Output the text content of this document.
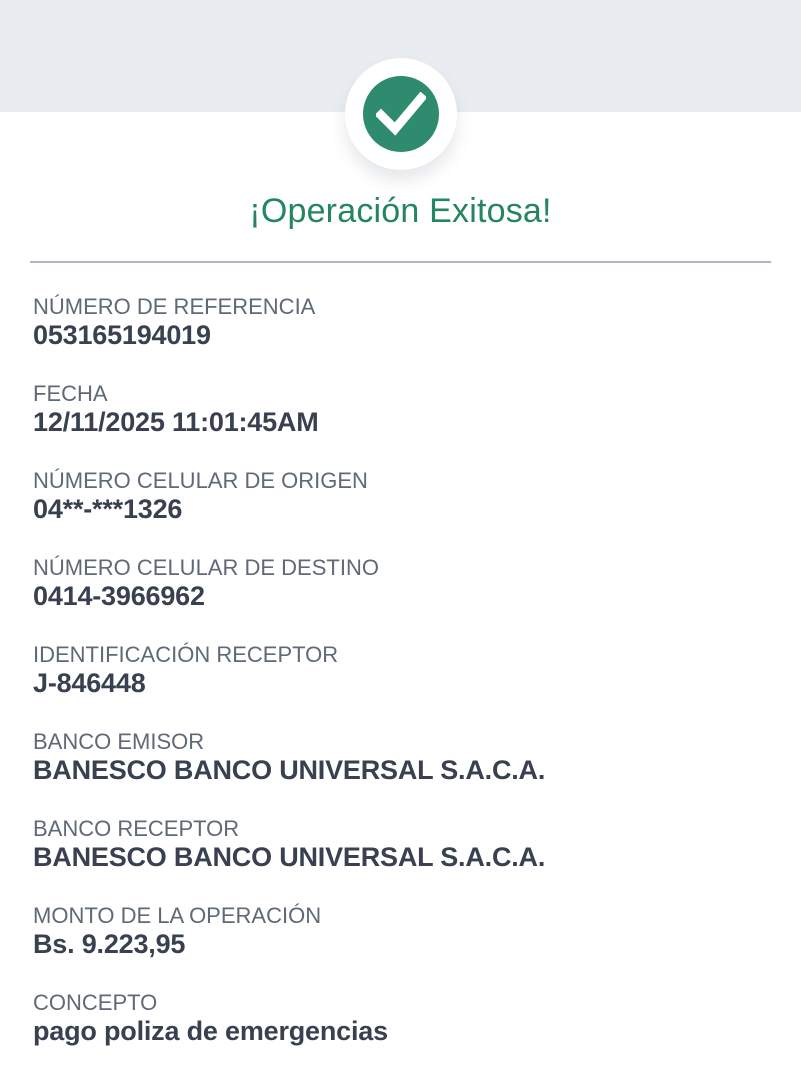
¡Operación Exitosa!
NÚMERO DE REFERENCIA
053165194019
FECHA
12/11/2025 11:01:45AM
NÚMERO CELULAR DE ORIGEN
04**-***1326
NÚMERO CELULAR DE DESTINO
0414-3966962
IDENTIFICACIÓN RECEPTOR
J-846448
BANCO EMISOR
BANESCO BANCO UNIVERSAL S.A.C.A.
BANCO RECEPTOR
BANESCO BANCO UNIVERSAL S.A.C.A.
MONTO DE LA OPERACIÓN
Bs. 9.223,95
CONCEPTO
pago poliza de emergencias
